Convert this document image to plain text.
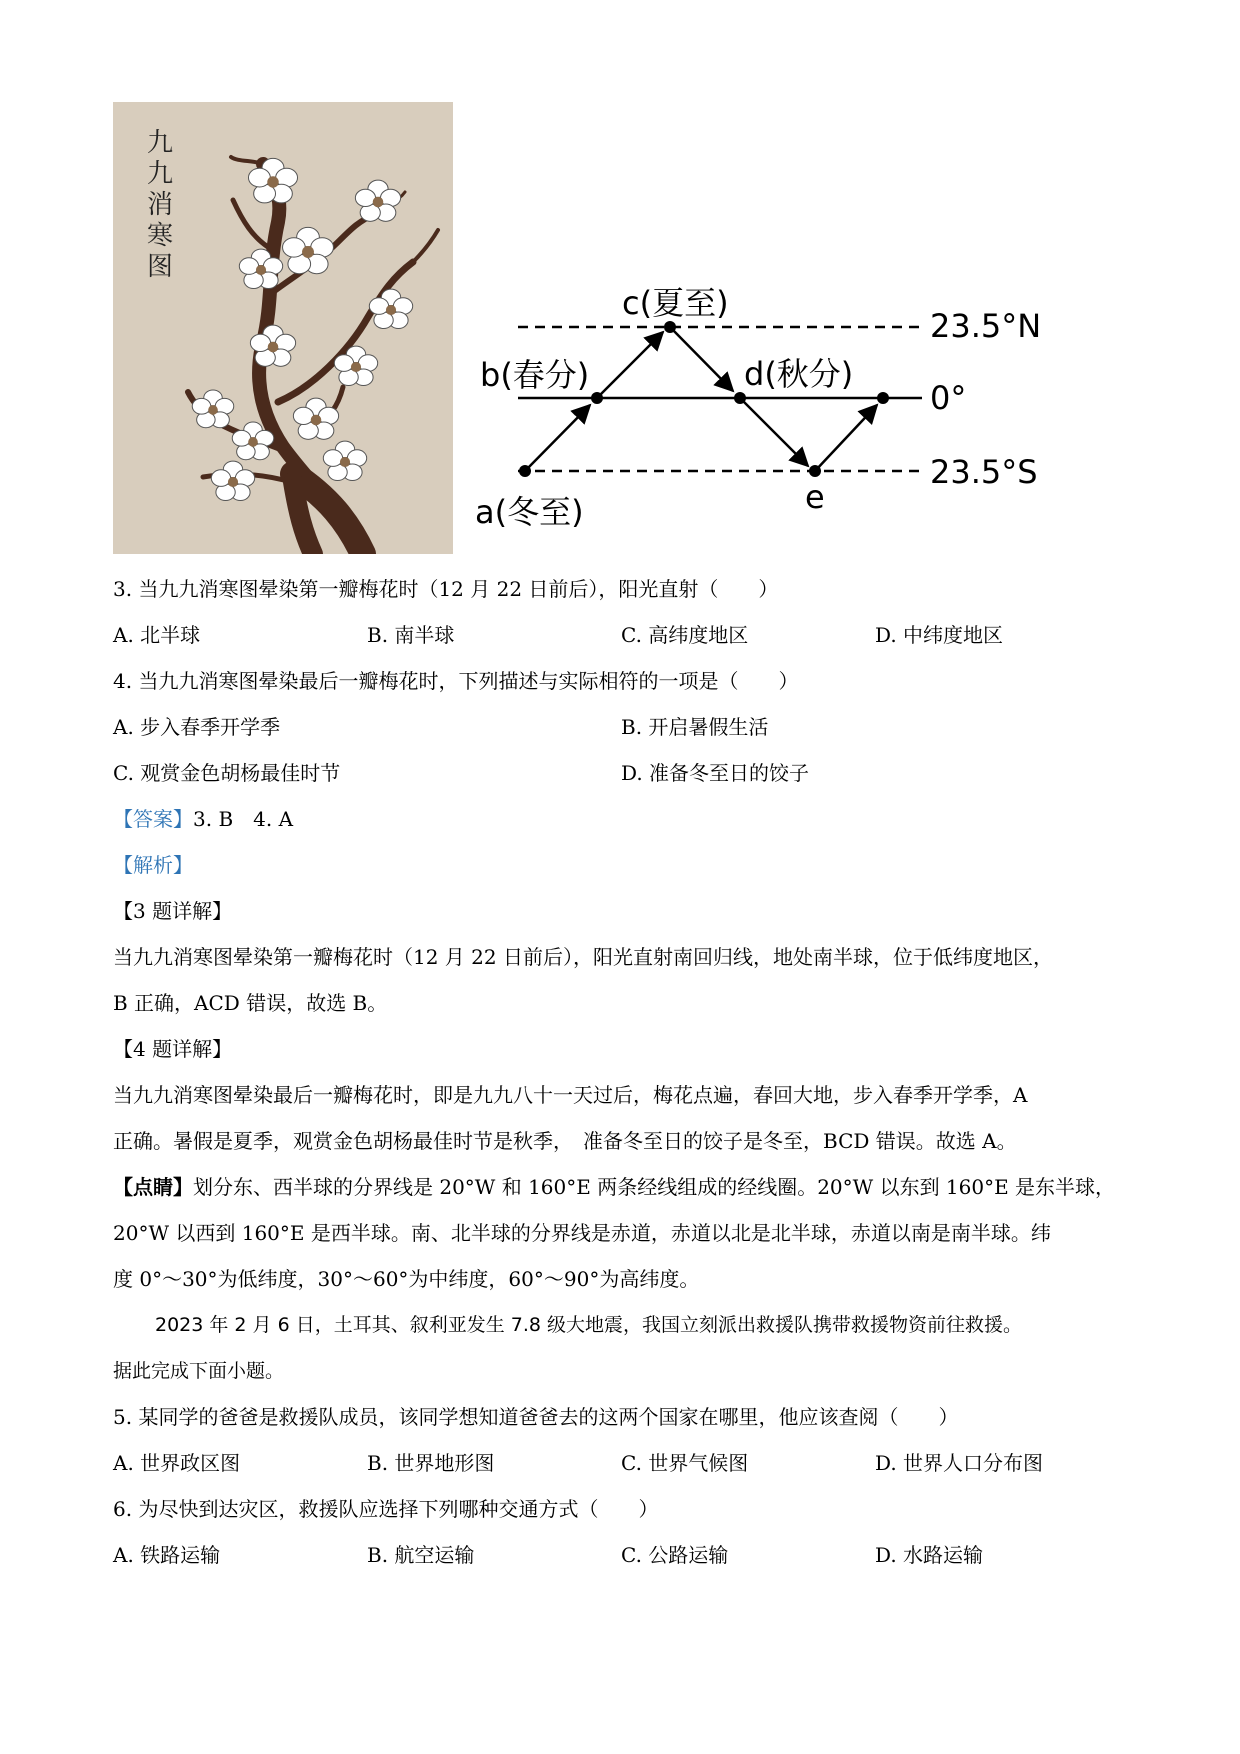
九
九
消
寒
图
c(夏至)
b(春分)	d(秋分)
a(冬至)	e
23.5°N
0°
23.5°S
3. 当九九消寒图晕染第一瓣梅花时（12 月 22 日前后），阳光直射（　　）
A. 北半球	B. 南半球	C. 高纬度地区	D. 中纬度地区
4. 当九九消寒图晕染最后一瓣梅花时，下列描述与实际相符的一项是（　　）
A. 步入春季开学季	B. 开启暑假生活
C. 观赏金色胡杨最佳时节	D. 准备冬至日的饺子
【答案】3. B　4. A
【解析】
【3 题详解】
当九九消寒图晕染第一瓣梅花时（12 月 22 日前后），阳光直射南回归线，地处南半球，位于低纬度地区，
B 正确，ACD 错误，故选 B。
【4 题详解】
当九九消寒图晕染最后一瓣梅花时，即是九九八十一天过后，梅花点遍，春回大地，步入春季开学季，A
正确。暑假是夏季，观赏金色胡杨最佳时节是秋季，　准备冬至日的饺子是冬至，BCD 错误。故选 A。
【点睛】划分东、西半球的分界线是 20°W 和 160°E 两条经线组成的经线圈。20°W 以东到 160°E 是东半球，
20°W 以西到 160°E 是西半球。南、北半球的分界线是赤道，赤道以北是北半球，赤道以南是南半球。纬
度 0°～30°为低纬度，30°～60°为中纬度，60°～90°为高纬度。
2023 年 2 月 6 日，土耳其、叙利亚发生 7.8 级大地震，我国立刻派出救援队携带救援物资前往救援。
据此完成下面小题。
5. 某同学的爸爸是救援队成员，该同学想知道爸爸去的这两个国家在哪里，他应该查阅（　　）
A. 世界政区图	B. 世界地形图	C. 世界气候图	D. 世界人口分布图
6. 为尽快到达灾区，救援队应选择下列哪种交通方式（　　）
A. 铁路运输	B. 航空运输	C. 公路运输	D. 水路运输
